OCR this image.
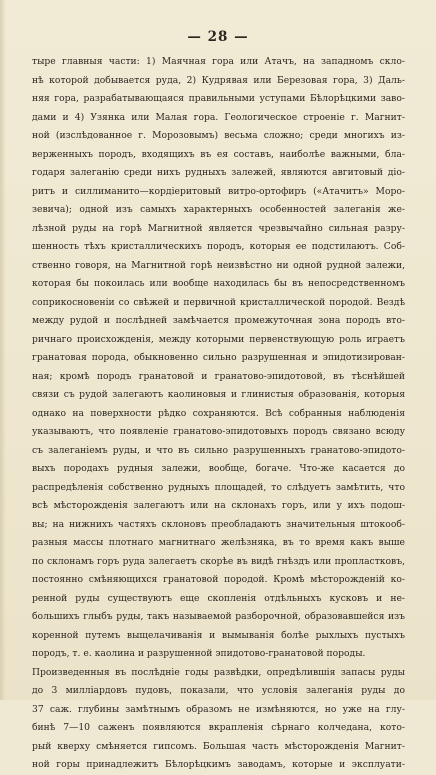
— 28 —
тыре главныя части: 1) Маячная гора или Атачъ, на западномъ скло-
нѣ которой добывается руда, 2) Кудрявая или Березовая гора, 3) Даль-
няя гора, разрабатывающаяся правильными уступами Бѣлорѣцкими заво-
дами и 4) Узянка или Малая гора. Геологическое строеніе г. Магнит-
ной (изслѣдованное г. Морозовымъ) весьма сложно; среди многихъ из-
верженныхъ породъ, входящихъ въ ея составъ, наиболѣе важными, бла-
годаря залеганію среди нихъ рудныхъ залежей, являются авгитовый діо-
ритъ и силлиманито—кордіеритовый витро-ортофиръ («Атачитъ» Моро-
зевича); одной изъ самыхъ характерныхъ особенностей залеганія же-
лѣзной руды на горѣ Магнитной является чрезвычайно сильная разру-
шенность тѣхъ кристаллическихъ породъ, которыя ее подстилаютъ. Соб-
ственно говоря, на Магнитной горѣ неизвѣстно ни одной рудной залежи,
которая бы покоилась или вообще находилась бы въ непосредственномъ
соприкосновеніи со свѣжей и первичной кристаллической породой. Вездѣ
между рудой и послѣдней замѣчается промежуточная зона породъ вто-
ричнаго происхожденія, между которыми первенствующую роль играетъ
гранатовая порода, обыкновенно сильно разрушенная и эпидотизирован-
ная; кромѣ породъ гранатовой и гранатово-эпидотовой, въ тѣснѣйшей
связи съ рудой залегаютъ каолиновыя и глинистыя образованія, которыя
однако на поверхности рѣдко сохраняются. Всѣ собранныя наблюденія
указываютъ, что появленіе гранатово-эпидотовыхъ породъ связано всюду
съ залеганіемъ руды, и что въ сильно разрушенныхъ гранатово-эпидото-
выхъ породахъ рудныя залежи, вообще, богаче. Что-же касается до
распредѣленія собственно рудныхъ площадей, то слѣдуетъ замѣтить, что
всѣ мѣсторожденія залегаютъ или на склонахъ горъ, или у ихъ подош-
вы; на нижнихъ частяхъ склоновъ преобладаютъ значительныя штокооб-
разныя массы плотнаго магнитнаго желѣзняка, въ то время какъ выше
по склонамъ горъ руда залегаетъ скорѣе въ видѣ гнѣздъ или пропластковъ,
постоянно смѣняющихся гранатовой породой. Кромѣ мѣсторожденій ко-
ренной руды существуютъ еще скопленія отдѣльныхъ кусковъ и не-
большихъ глыбъ руды, такъ называемой разборочной, образовавшейся изъ
коренной путемъ выщелачиванія и вымыванія болѣе рыхлыхъ пустыхъ
породъ, т. е. каолина и разрушенной эпидотово-гранатовой породы.
Произведенныя въ послѣдніе годы развѣдки, опредѣлившія запасы руды
до 3 милліардовъ пудовъ, показали, что условія залеганія руды до
37 саж. глубины замѣтнымъ образомъ не измѣняются, но уже на глу-
бинѣ 7—10 саженъ появляются вкрапленія сѣрнаго колчедана, кото-
рый кверху смѣняется гипсомъ. Большая часть мѣсторожденія Магнит-
ной горы принадлежитъ Бѣлорѣцкимъ заводамъ, которые и эксплуати-
